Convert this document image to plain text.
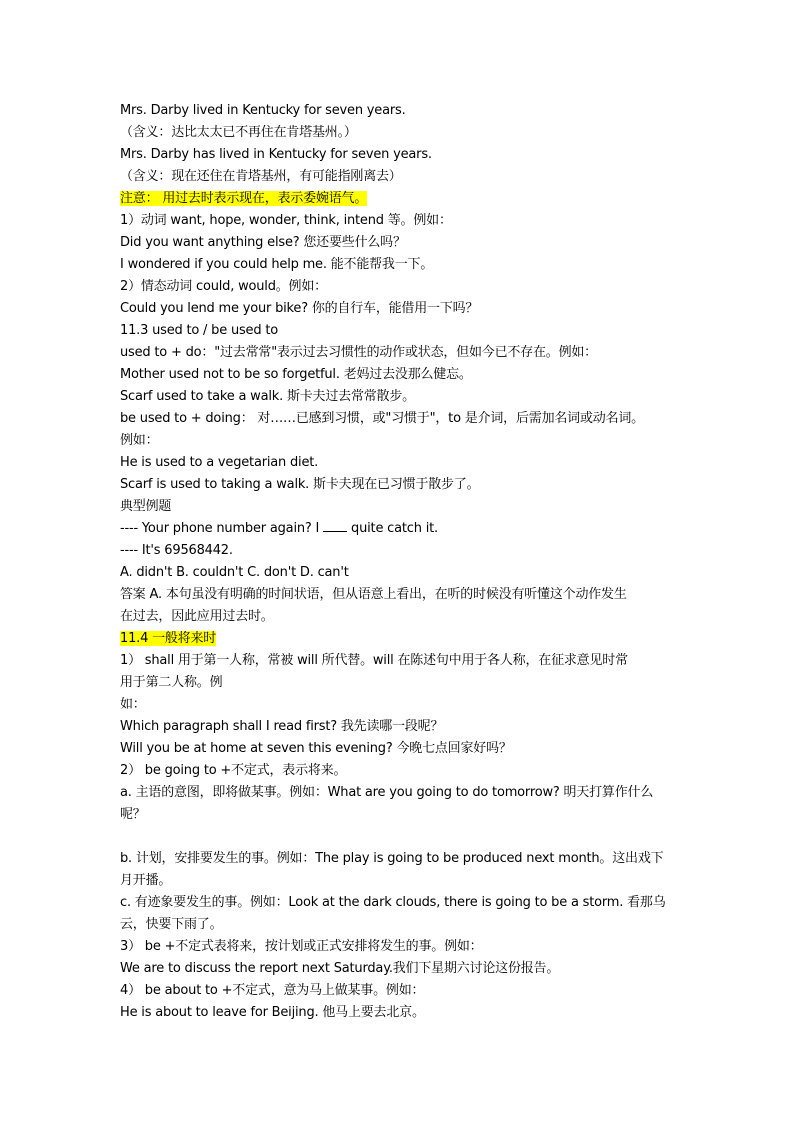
Mrs. Darby lived in Kentucky for seven years.
（含义：达比太太已不再住在肯塔基州。）
Mrs. Darby has lived in Kentucky for seven years.
（含义：现在还住在肯塔基州，有可能指刚离去）
注意： 用过去时表示现在，表示委婉语气。
1）动词 want, hope, wonder, think, intend 等。例如：
Did you want anything else? 您还要些什么吗？
I wondered if you could help me. 能不能帮我一下。
2）情态动词 could, would。例如：
Could you lend me your bike? 你的自行车，能借用一下吗？
11.3 used to / be used to
used to + do："过去常常"表示过去习惯性的动作或状态，但如今已不存在。例如：
Mother used not to be so forgetful. 老妈过去没那么健忘。
Scarf used to take a walk. 斯卡夫过去常常散步。
be used to + doing： 对……已感到习惯，或"习惯于"，to 是介词，后需加名词或动名词。
例如：
He is used to a vegetarian diet.
Scarf is used to taking a walk. 斯卡夫现在已习惯于散步了。
典型例题
---- Your phone number again? I quite catch it.
---- It's 69568442.
A. didn't B. couldn't C. don't D. can't
答案 A. 本句虽没有明确的时间状语，但从语意上看出，在听的时候没有听懂这个动作发生
在过去，因此应用过去时。
11.4 一般将来时
1） shall 用于第一人称，常被 will 所代替。will 在陈述句中用于各人称，在征求意见时常
用于第二人称。例
如：
Which paragraph shall I read first? 我先读哪一段呢？
Will you be at home at seven this evening? 今晚七点回家好吗？
2） be going to +不定式，表示将来。
a. 主语的意图，即将做某事。例如：What are you going to do tomorrow? 明天打算作什么
呢？
b. 计划，安排要发生的事。例如：The play is going to be produced next month。这出戏下
月开播。
c. 有迹象要发生的事。例如：Look at the dark clouds, there is going to be a storm. 看那乌
云，快要下雨了。
3） be +不定式表将来，按计划或正式安排将发生的事。例如：
We are to discuss the report next Saturday.我们下星期六讨论这份报告。
4） be about to +不定式，意为马上做某事。例如：
He is about to leave for Beijing. 他马上要去北京。
